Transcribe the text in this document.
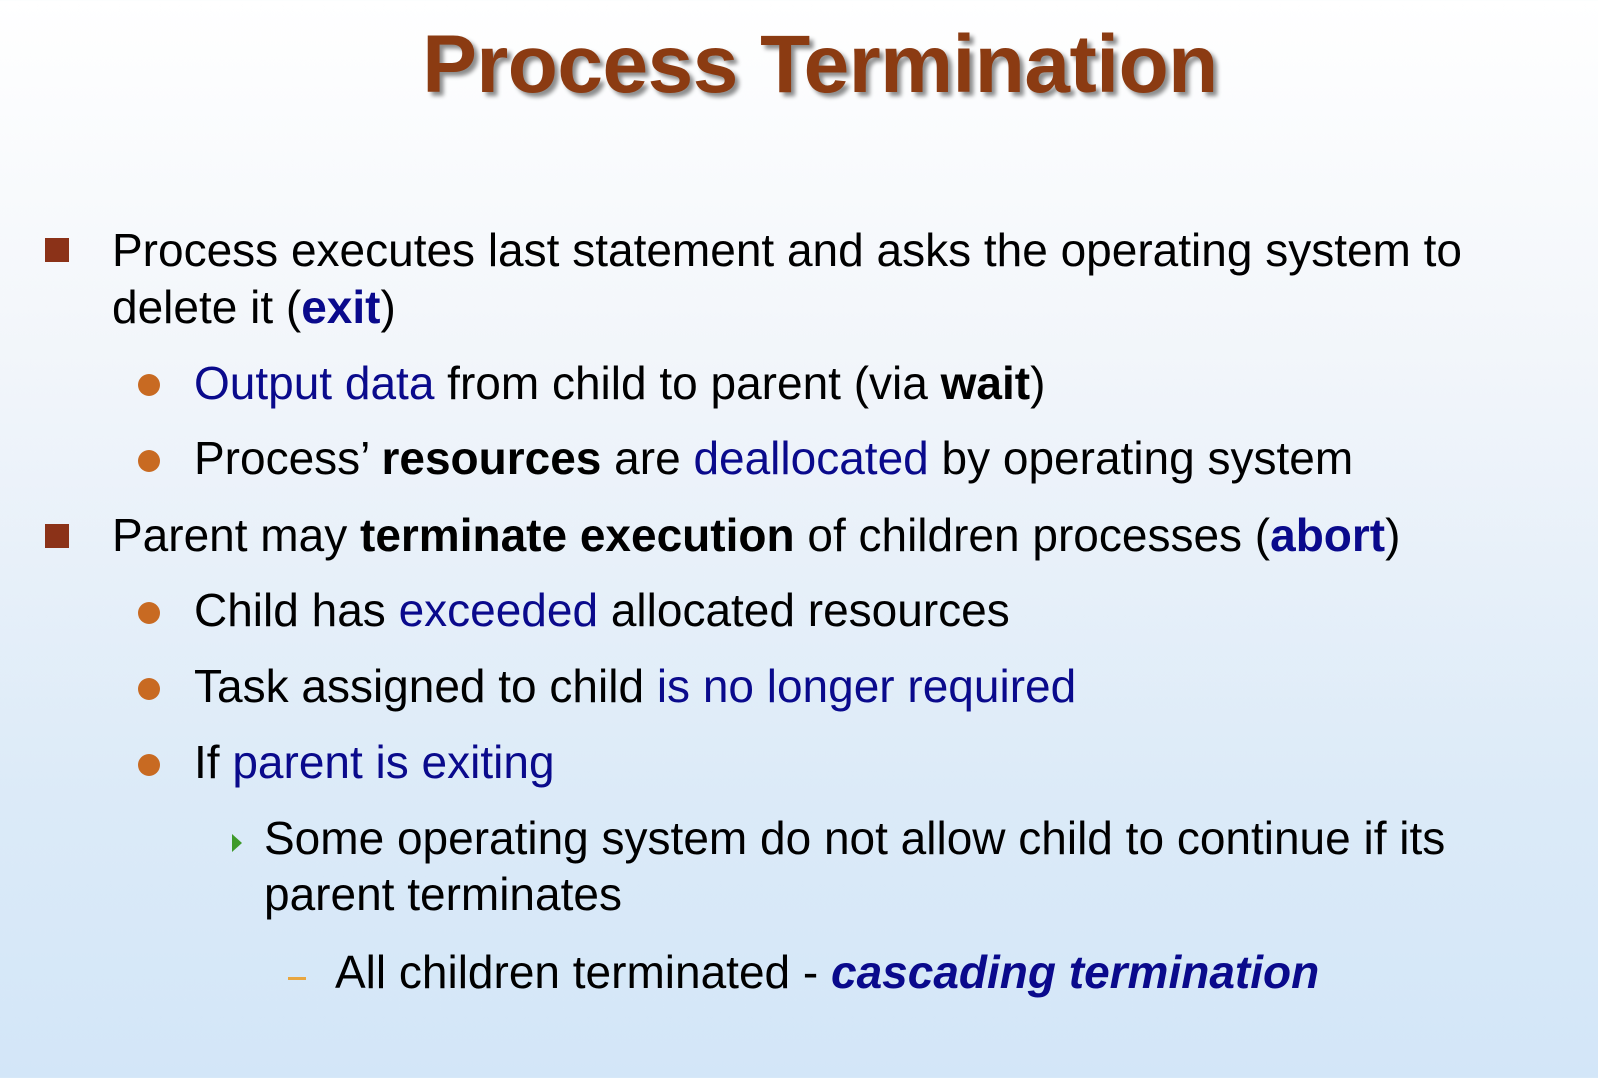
Process Termination
Process executes last statement and asks the operating system to
delete it (exit)
Output data from child to parent (via wait)
Process’ resources are deallocated by operating system
Parent may terminate execution of children processes (abort)
Child has exceeded allocated resources
Task assigned to child is no longer required
If parent is exiting
Some operating system do not allow child to continue if its
parent terminates
All children terminated - cascading termination
